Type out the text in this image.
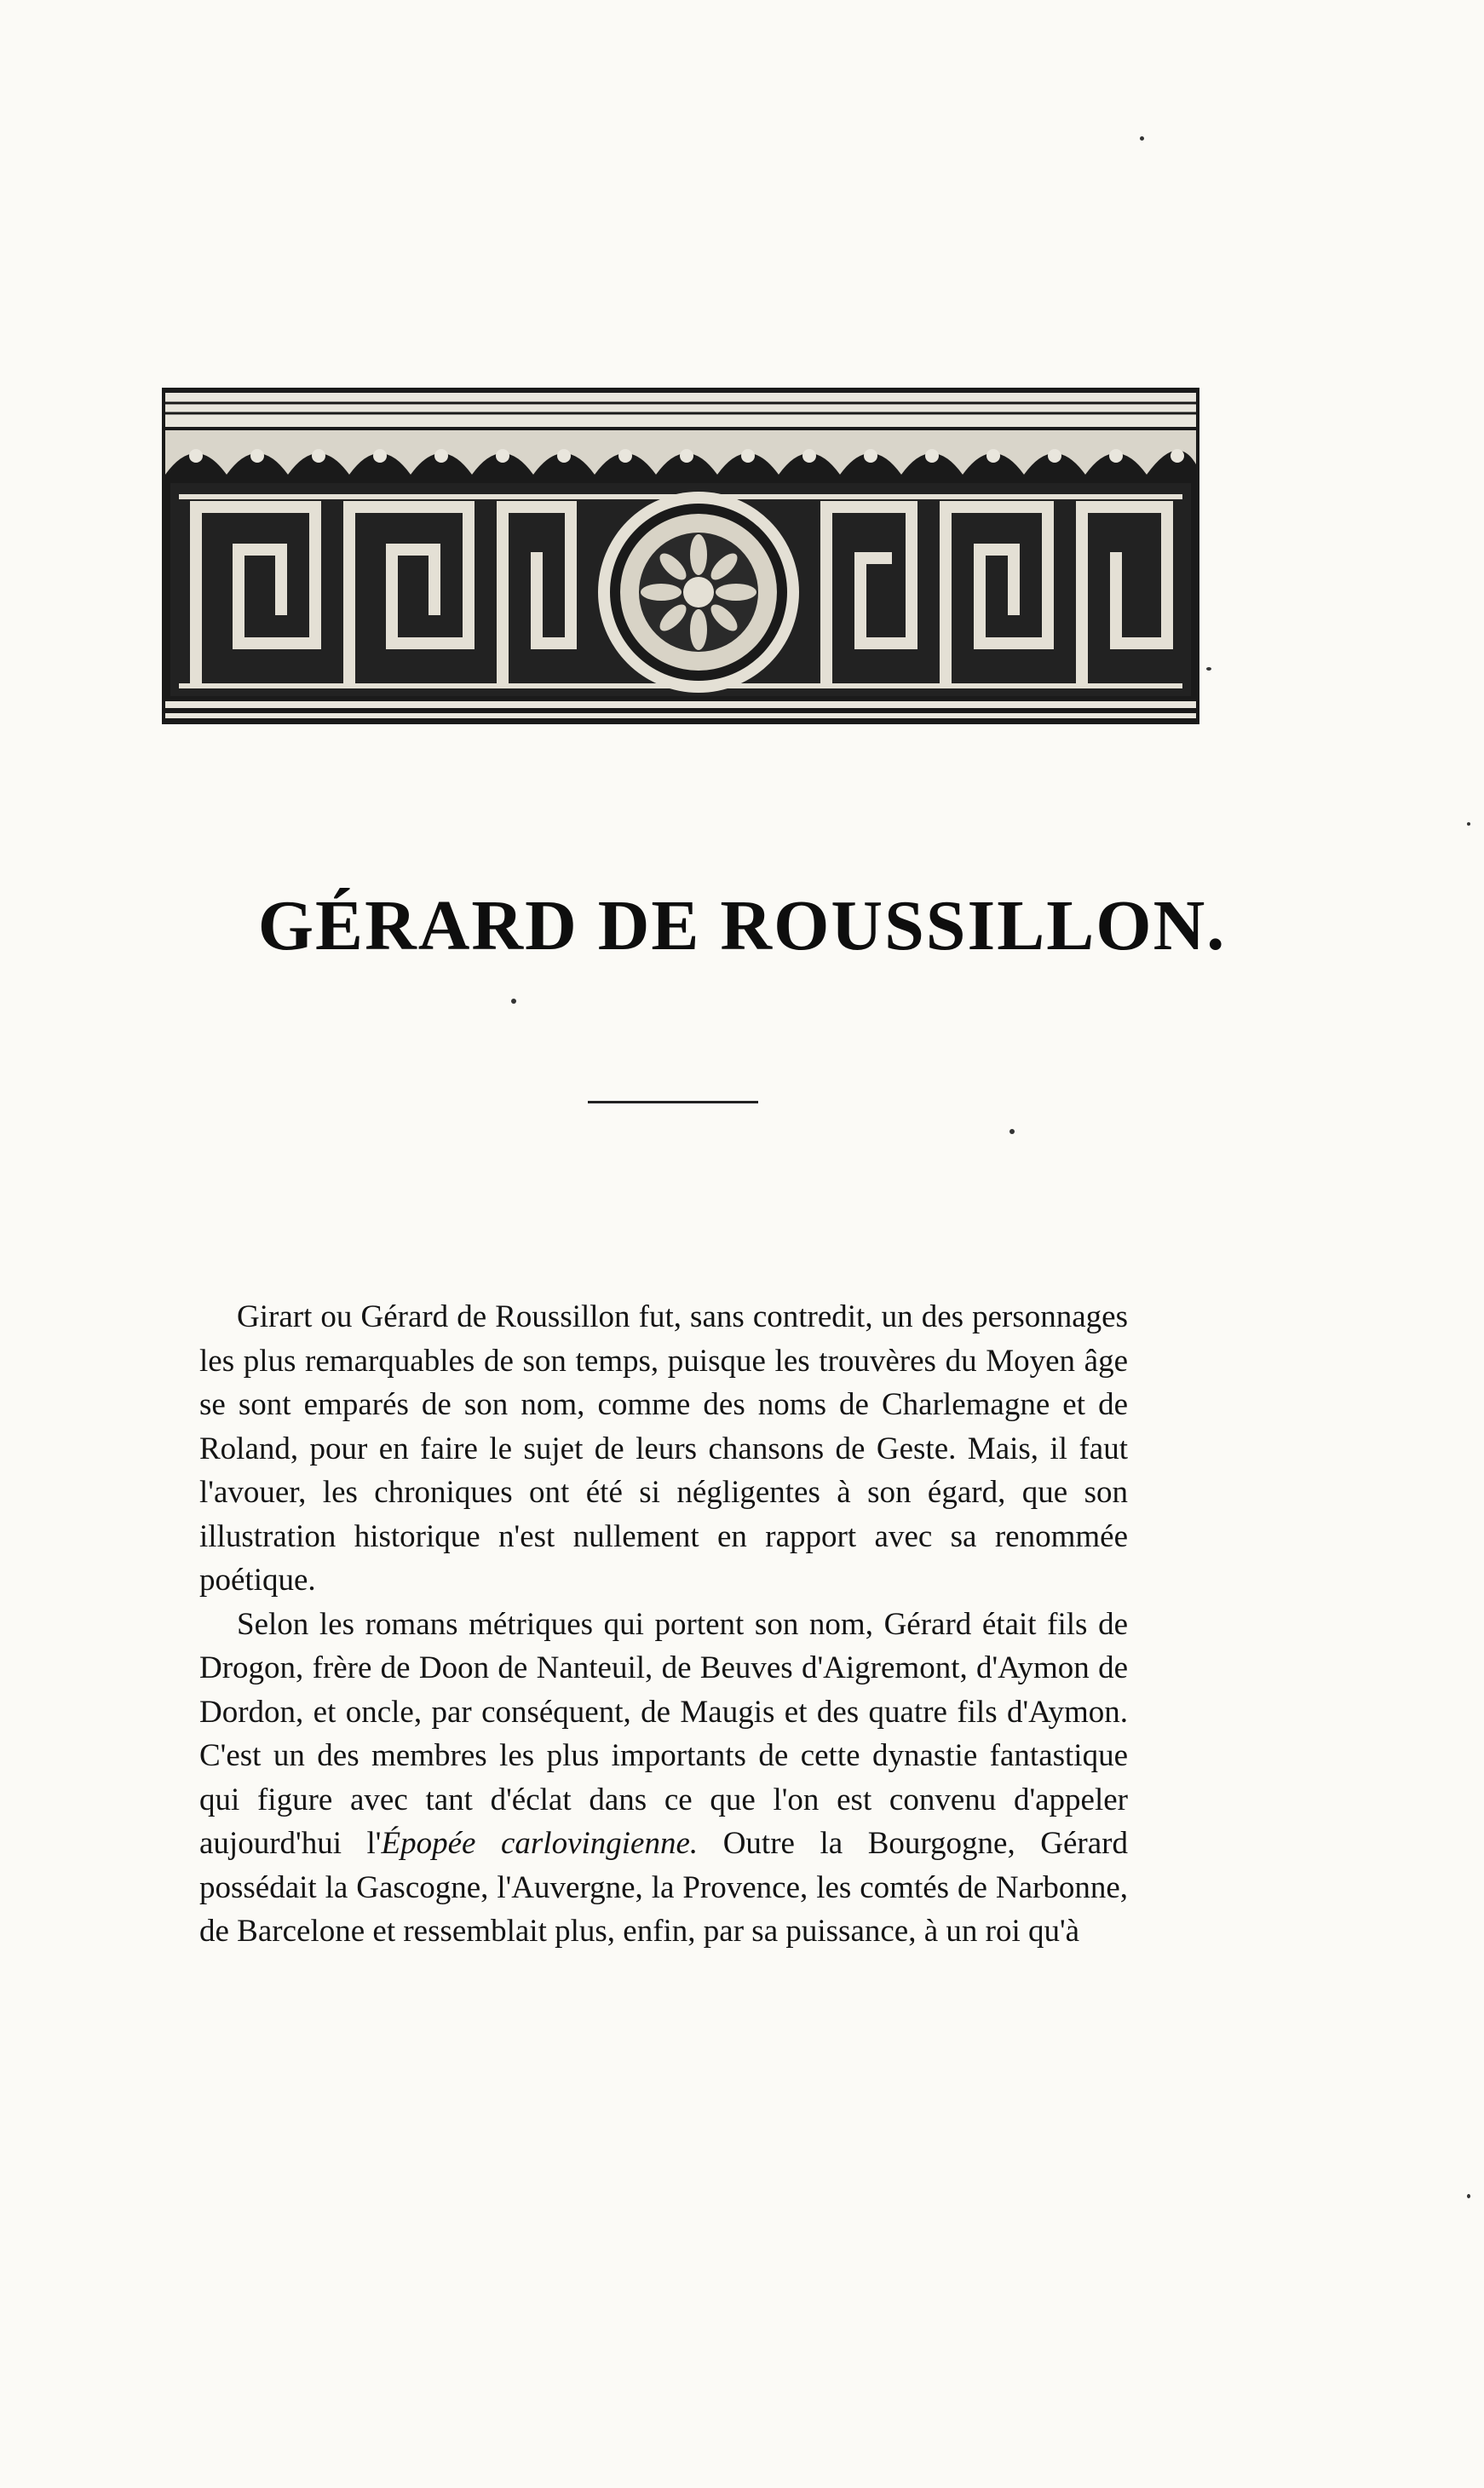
GÉRARD DE ROUSSILLON.

Girart ou Gérard de Roussillon fut, sans contredit, un des personnages les plus remarquables de son temps, puisque les trouvères du Moyen âge se sont emparés de son nom, comme des noms de Charlemagne et de Roland, pour en faire le sujet de leurs chansons de Geste. Mais, il faut l'avouer, les chroniques ont été si négligentes à son égard, que son illustration historique n'est nullement en rapport avec sa renommée poétique.

Selon les romans métriques qui portent son nom, Gérard était fils de Drogon, frère de Doon de Nanteuil, de Beuves d'Aigremont, d'Aymon de Dordon, et oncle, par conséquent, de Maugis et des quatre fils d'Aymon. C'est un des membres les plus importants de cette dynastie fantastique qui figure avec tant d'éclat dans ce que l'on est convenu d'appeler aujourd'hui l'Épopée carlovingienne. Outre la Bourgogne, Gérard possédait la Gascogne, l'Auvergne, la Provence, les comtés de Narbonne, de Barcelone et ressemblait plus, enfin, par sa puissance, à un roi qu'à
